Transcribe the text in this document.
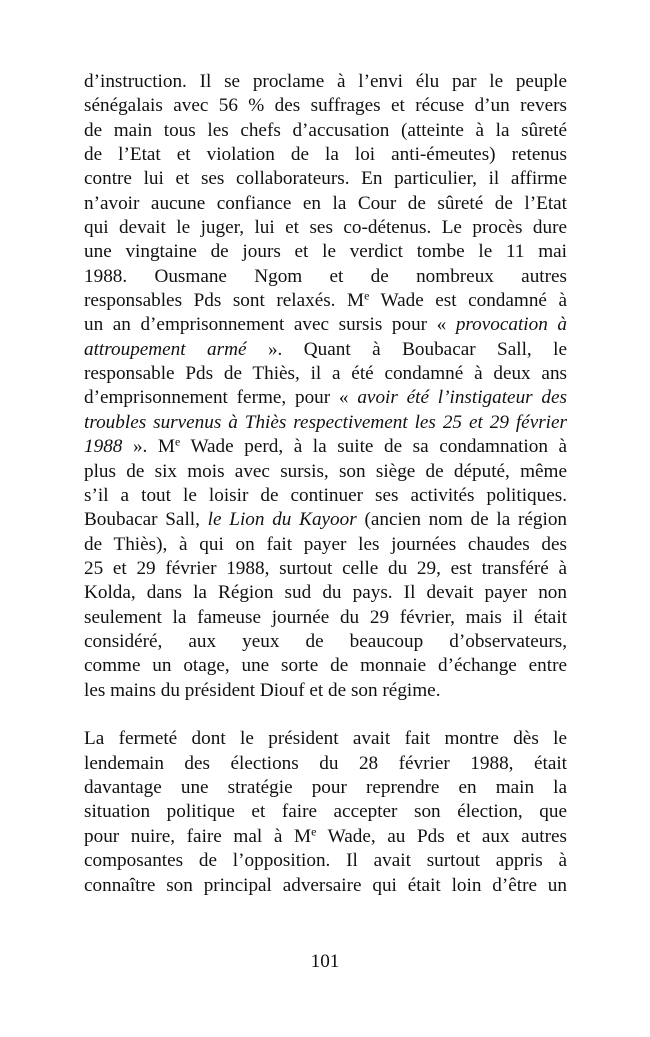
d’instruction. Il se proclame à l’envi élu par le peuple
sénégalais avec 56 % des suffrages et récuse d’un revers
de main tous les chefs d’accusation (atteinte à la sûreté
de l’Etat et violation de la loi anti-émeutes) retenus
contre lui et ses collaborateurs. En particulier, il affirme
n’avoir aucune confiance en la Cour de sûreté de l’Etat
qui devait le juger, lui et ses co-détenus. Le procès dure
une vingtaine de jours et le verdict tombe le 11 mai
1988. Ousmane Ngom et de nombreux autres
responsables Pds sont relaxés. Me Wade est condamné à
un an d’emprisonnement avec sursis pour « provocation à
attroupement armé ». Quant à Boubacar Sall, le
responsable Pds de Thiès, il a été condamné à deux ans
d’emprisonnement ferme, pour « avoir été l’instigateur des
troubles survenus à Thiès respectivement les 25 et 29 février
1988 ». Me Wade perd, à la suite de sa condamnation à
plus de six mois avec sursis, son siège de député, même
s’il a tout le loisir de continuer ses activités politiques.
Boubacar Sall, le Lion du Kayoor (ancien nom de la région
de Thiès), à qui on fait payer les journées chaudes des
25 et 29 février 1988, surtout celle du 29, est transféré à
Kolda, dans la Région sud du pays. Il devait payer non
seulement la fameuse journée du 29 février, mais il était
considéré, aux yeux de beaucoup d’observateurs,
comme un otage, une sorte de monnaie d’échange entre
les mains du président Diouf et de son régime.

La fermeté dont le président avait fait montre dès le
lendemain des élections du 28 février 1988, était
davantage une stratégie pour reprendre en main la
situation politique et faire accepter son élection, que
pour nuire, faire mal à Me Wade, au Pds et aux autres
composantes de l’opposition. Il avait surtout appris à
connaître son principal adversaire qui était loin d’être un

101
